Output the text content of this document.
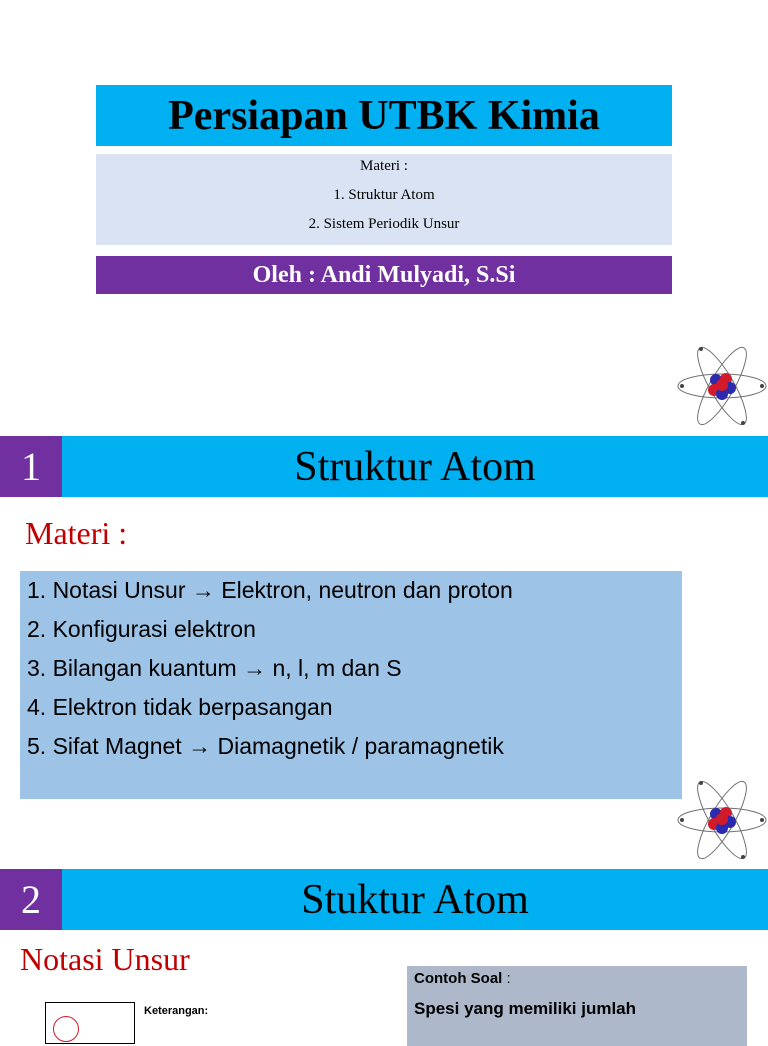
Persiapan UTBK Kimia
Materi :
1. Struktur Atom
2. Sistem Periodik Unsur
Oleh : Andi Mulyadi, S.Si
1	Struktur Atom
Materi :
1. Notasi Unsur → Elektron, neutron dan proton
2. Konfigurasi elektron
3. Bilangan kuantum → n, l, m dan S
4. Elektron tidak berpasangan
5. Sifat Magnet → Diamagnetik / paramagnetik
2	Stuktur Atom
Notasi Unsur
Keterangan:
Contoh Soal :
Spesi yang memiliki jumlah
